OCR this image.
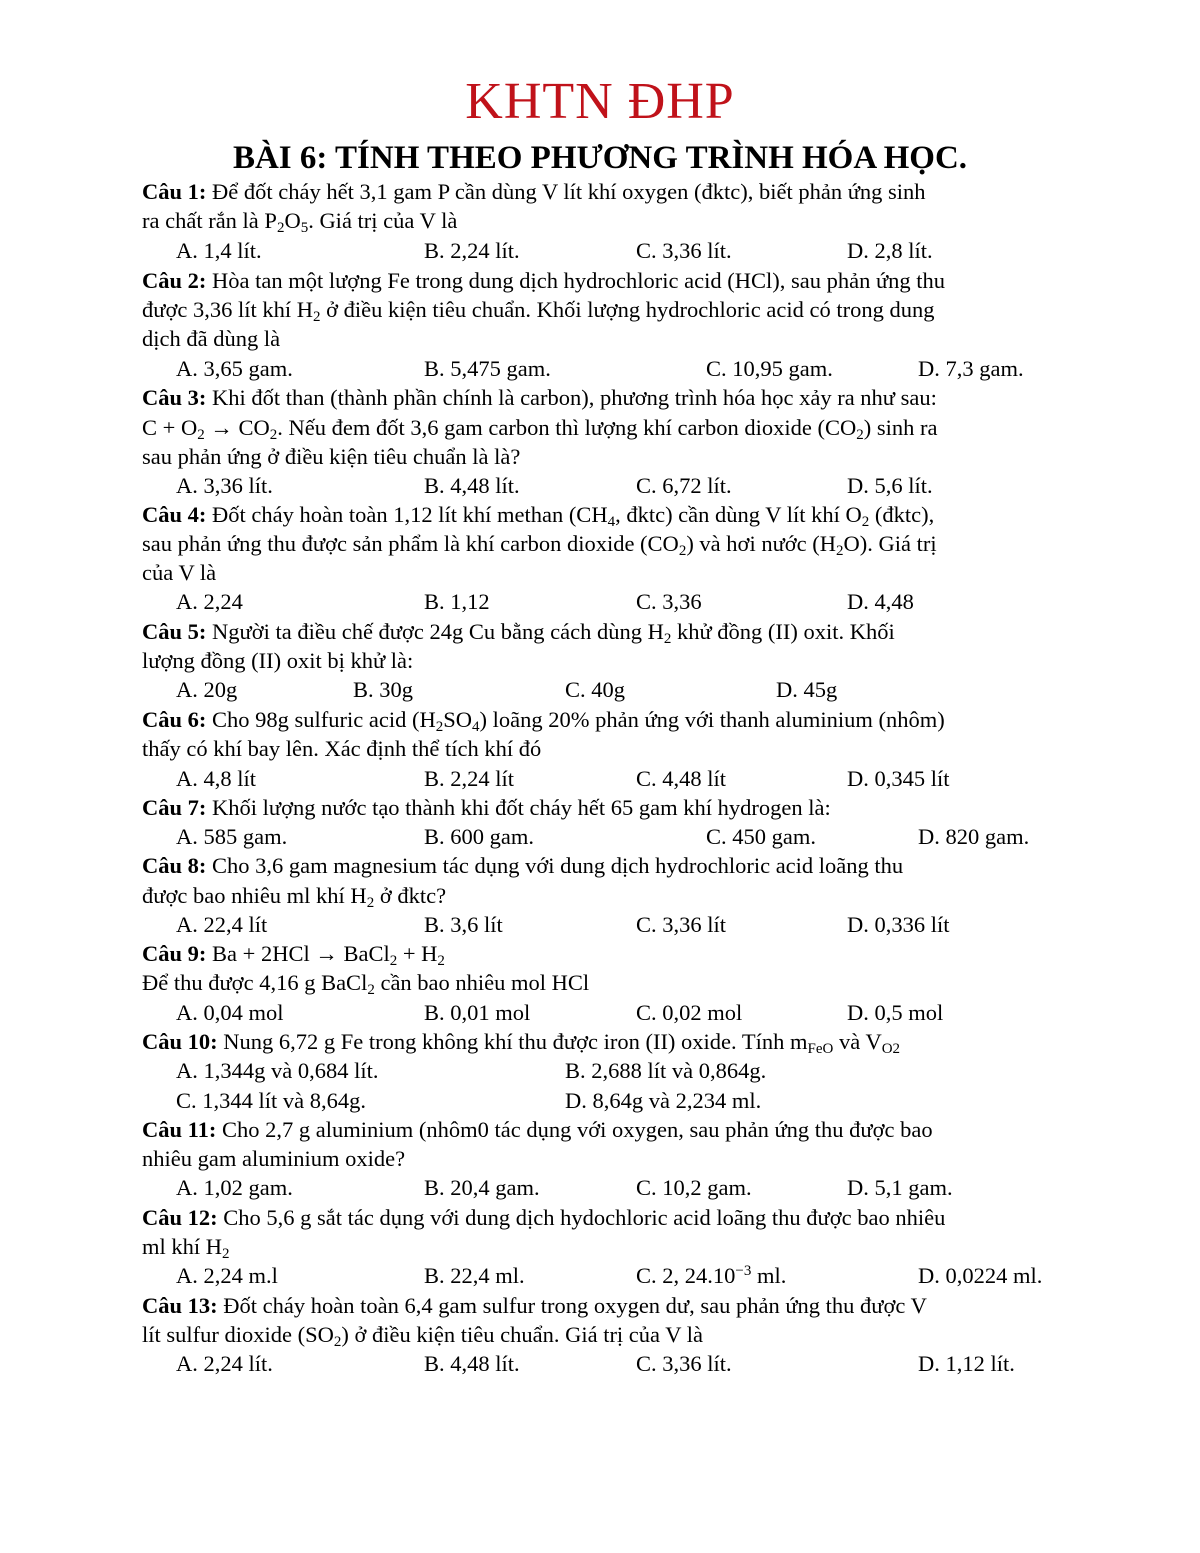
KHTN ĐHP
BÀI 6: TÍNH THEO PHƯƠNG TRÌNH HÓA HỌC.
Câu 1: Để đốt cháy hết 3,1 gam P cần dùng V lít khí oxygen (đktc), biết phản ứng sinh
ra chất rắn là $P_2O_5$. Giá trị của V là
A. 1,4 lít.	B. 2,24 lít.	C. 3,36 lít.	D. 2,8 lít.
Câu 2: Hòa tan một lượng Fe trong dung dịch hydrochloric acid (HCl), sau phản ứng thu
được 3,36 lít khí $H_2$ ở điều kiện tiêu chuẩn. Khối lượng hydrochloric acid có trong dung
dịch đã dùng là
A. 3,65 gam.	B. 5,475 gam.	C. 10,95 gam.	D. 7,3 gam.
Câu 3: Khi đốt than (thành phần chính là carbon), phương trình hóa học xảy ra như sau:
$C + O_2 \to CO_2$. Nếu đem đốt 3,6 gam carbon thì lượng khí carbon dioxide $(CO_2)$ sinh ra
sau phản ứng ở điều kiện tiêu chuẩn là là?
A. 3,36 lít.	B. 4,48 lít.	C. 6,72 lít.	D. 5,6 lít.
Câu 4: Đốt cháy hoàn toàn 1,12 lít khí methan ($CH_4$, đktc) cần dùng V lít khí $O_2$ (đktc),
sau phản ứng thu được sản phẩm là khí carbon dioxide $(CO_2)$ và hơi nước $(H_2O)$. Giá trị
của V là
A. 2,24	B. 1,12	C. 3,36	D. 4,48
Câu 5: Người ta điều chế được 24g Cu bằng cách dùng $H_2$ khử đồng (II) oxit. Khối
lượng đồng (II) oxit bị khử là:
A. 20g	B. 30g	C. 40g	D. 45g
Câu 6: Cho 98g sulfuric acid $(H_2SO_4)$ loãng 20% phản ứng với thanh aluminium (nhôm)
thấy có khí bay lên. Xác định thể tích khí đó
A. 4,8 lít	B. 2,24 lít	C. 4,48 lít	D. 0,345 lít
Câu 7: Khối lượng nước tạo thành khi đốt cháy hết 65 gam khí hydrogen là:
A. 585 gam.	B. 600 gam.	C. 450 gam.	D. 820 gam.
Câu 8: Cho 3,6 gam magnesium tác dụng với dung dịch hydrochloric acid loãng thu
được bao nhiêu ml khí $H_2$ ở đktc?
A. 22,4 lít	B. 3,6 lít	C. 3,36 lít	D. 0,336 lít
Câu 9: Ba + 2HCl → BaCl$_2$ + $H_2$
Để thu được 4,16 g BaCl$_2$ cần bao nhiêu mol HCl
A. 0,04 mol	B. 0,01 mol	C. 0,02 mol	D. 0,5 mol
Câu 10: Nung 6,72 g Fe trong không khí thu được iron (II) oxide. Tính $m_{FeO}$ và $V_{O2}$
A. 1,344g và 0,684 lít.	B. 2,688 lít và 0,864g.
C. 1,344 lít và 8,64g.	D. 8,64g và 2,234 ml.
Câu 11: Cho 2,7 g aluminium (nhôm0 tác dụng với oxygen, sau phản ứng thu được bao
nhiêu gam aluminium oxide?
A. 1,02 gam.	B. 20,4 gam.	C. 10,2 gam.	D. 5,1 gam.
Câu 12: Cho 5,6 g sắt tác dụng với dung dịch hydochloric acid loãng thu được bao nhiêu
ml khí $H_2$
A. 2,24 m.l	B. 22,4 ml.	C. 2, $24.10^{-3}$ ml.	D. 0,0224 ml.
Câu 13: Đốt cháy hoàn toàn 6,4 gam sulfur trong oxygen dư, sau phản ứng thu được V
lít sulfur dioxide $(SO_2)$ ở điều kiện tiêu chuẩn. Giá trị của V là
A. 2,24 lít.	B. 4,48 lít.	C. 3,36 lít.	D. 1,12 lít.
